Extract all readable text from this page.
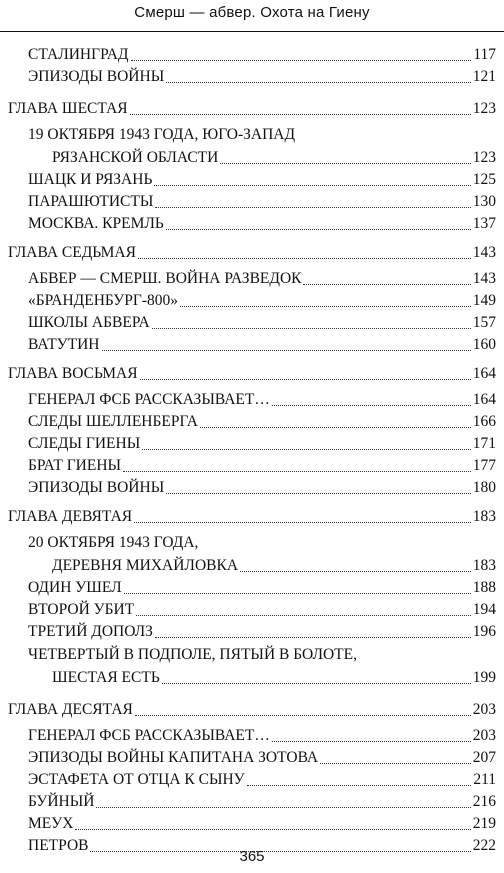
Смерш — абвер. Охота на Гиену
СТАЛИНГРАД	117
ЭПИЗОДЫ ВОЙНЫ	121
ГЛАВА ШЕСТАЯ	123
19 ОКТЯБРЯ 1943 ГОДА, ЮГО-ЗАПАД
РЯЗАНСКОЙ ОБЛАСТИ	123
ШАЦК И РЯЗАНЬ	125
ПАРАШЮТИСТЫ	130
МОСКВА. КРЕМЛЬ	137
ГЛАВА СЕДЬМАЯ	143
АБВЕР — СМЕРШ. ВОЙНА РАЗВЕДОК	143
«БРАНДЕНБУРГ-800»	149
ШКОЛЫ АБВЕРА	157
ВАТУТИН	160
ГЛАВА ВОСЬМАЯ	164
ГЕНЕРАЛ ФСБ РАССКАЗЫВАЕТ…	164
СЛЕДЫ ШЕЛЛЕНБЕРГА	166
СЛЕДЫ ГИЕНЫ	171
БРАТ ГИЕНЫ	177
ЭПИЗОДЫ ВОЙНЫ	180
ГЛАВА ДЕВЯТАЯ	183
20 ОКТЯБРЯ 1943 ГОДА,
ДЕРЕВНЯ МИХАЙЛОВКА	183
ОДИН УШЕЛ	188
ВТОРОЙ УБИТ	194
ТРЕТИЙ ДОПОЛЗ	196
ЧЕТВЕРТЫЙ В ПОДПОЛЕ, ПЯТЫЙ В БОЛОТЕ,
ШЕСТАЯ ЕСТЬ	199
ГЛАВА ДЕСЯТАЯ	203
ГЕНЕРАЛ ФСБ РАССКАЗЫВАЕТ…	203
ЭПИЗОДЫ ВОЙНЫ КАПИТАНА ЗОТОВА	207
ЭСТАФЕТА ОТ ОТЦА К СЫНУ	211
БУЙНЫЙ	216
МЕУХ	219
ПЕТРОВ	222
365
